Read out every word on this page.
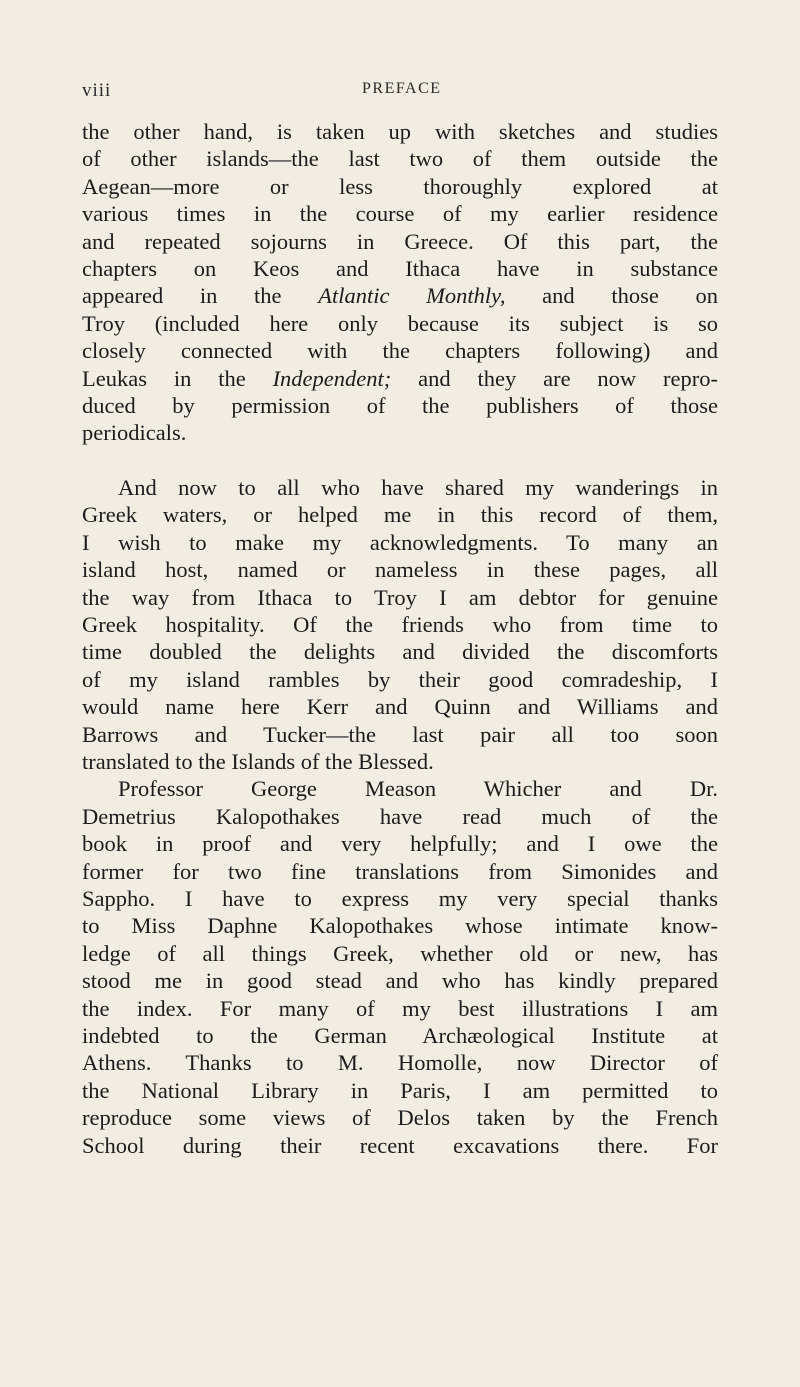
viii	PREFACE
the other hand, is taken up with sketches and studies
of other islands—the last two of them outside the
Aegean—more or less thoroughly explored at
various times in the course of my earlier residence
and repeated sojourns in Greece. Of this part, the
chapters on Keos and Ithaca have in substance
appeared in the Atlantic Monthly, and those on
Troy (included here only because its subject is so
closely connected with the chapters following) and
Leukas in the Independent; and they are now repro-
duced by permission of the publishers of those
periodicals.
And now to all who have shared my wanderings in
Greek waters, or helped me in this record of them,
I wish to make my acknowledgments. To many an
island host, named or nameless in these pages, all
the way from Ithaca to Troy I am debtor for genuine
Greek hospitality. Of the friends who from time to
time doubled the delights and divided the discomforts
of my island rambles by their good comradeship, I
would name here Kerr and Quinn and Williams and
Barrows and Tucker—the last pair all too soon
translated to the Islands of the Blessed.
Professor George Meason Whicher and Dr.
Demetrius Kalopothakes have read much of the
book in proof and very helpfully; and I owe the
former for two fine translations from Simonides and
Sappho. I have to express my very special thanks
to Miss Daphne Kalopothakes whose intimate know-
ledge of all things Greek, whether old or new, has
stood me in good stead and who has kindly prepared
the index. For many of my best illustrations I am
indebted to the German Archæological Institute at
Athens. Thanks to M. Homolle, now Director of
the National Library in Paris, I am permitted to
reproduce some views of Delos taken by the French
School during their recent excavations there. For
